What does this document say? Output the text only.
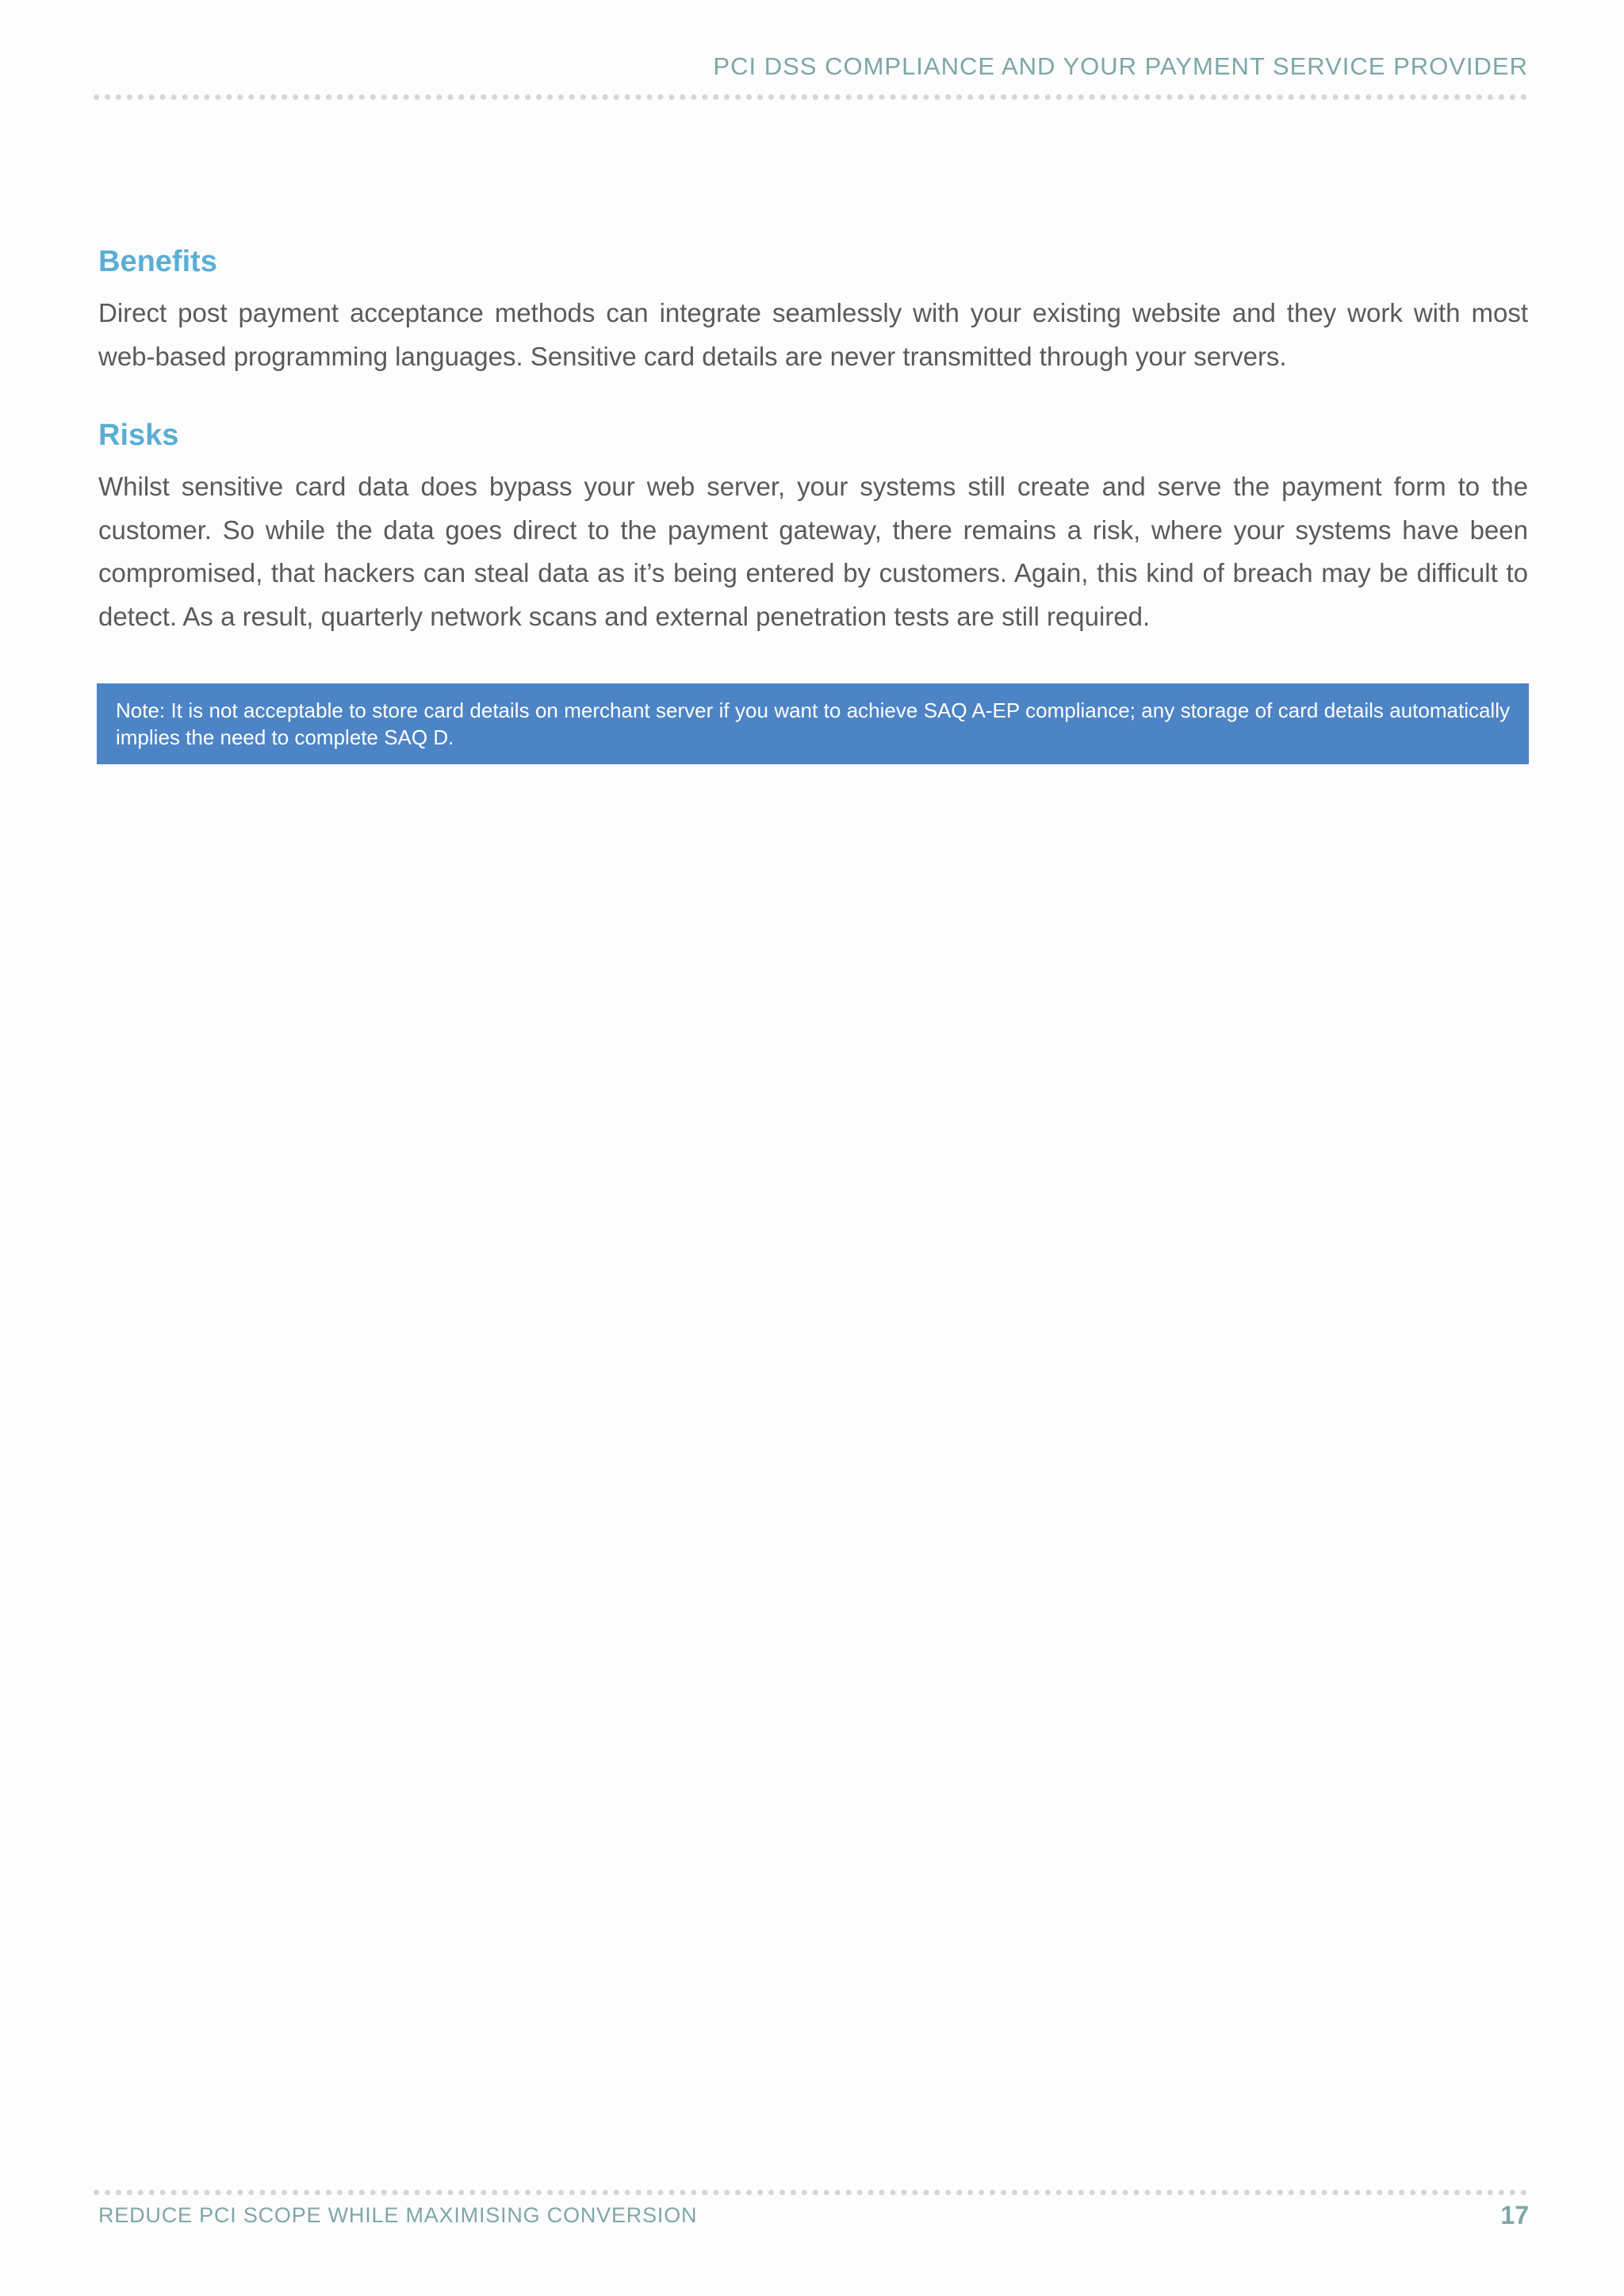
PCI DSS COMPLIANCE AND YOUR PAYMENT SERVICE PROVIDER
Benefits

Direct post payment acceptance methods can integrate seamlessly with your existing website and they work with most web-based programming languages. Sensitive card details are never transmitted through your servers.

Risks

Whilst sensitive card data does bypass your web server, your systems still create and serve the payment form to the customer. So while the data goes direct to the payment gateway, there remains a risk, where your systems have been compromised, that hackers can steal data as it’s being entered by customers. Again, this kind of breach may be difficult to detect. As a result, quarterly network scans and external penetration tests are still required.

Note: It is not acceptable to store card details on merchant server if you want to achieve SAQ A-EP compliance; any storage of card details automatically implies the need to complete SAQ D.

REDUCE PCI SCOPE WHILE MAXIMISING CONVERSION	17
